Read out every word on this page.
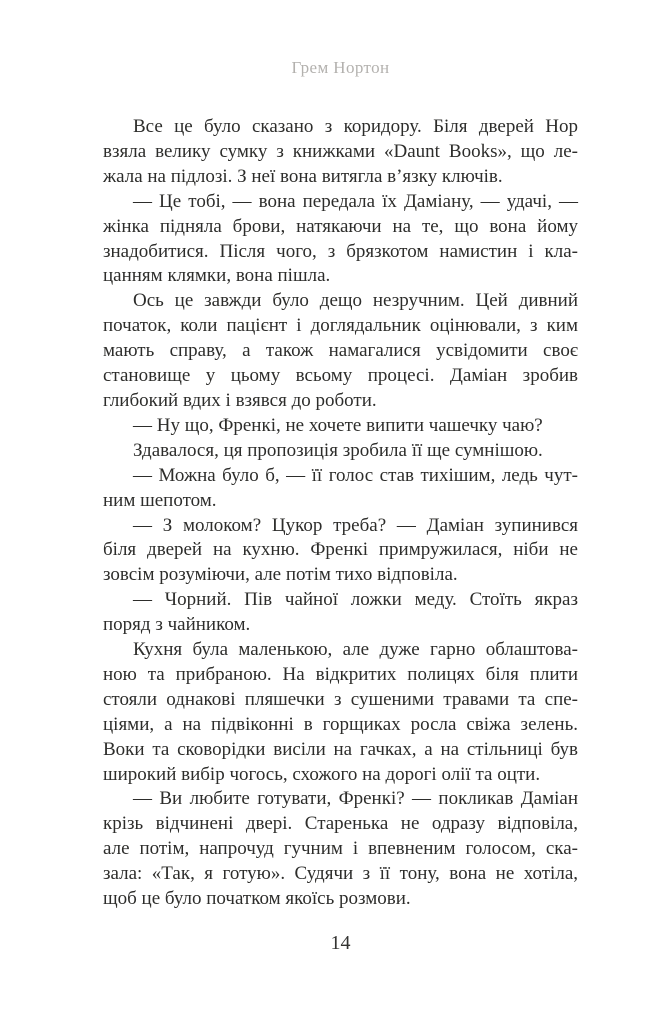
Грем Нортон
Все це було сказано з коридору. Біля дверей Нор
взяла велику сумку з книжками «Daunt Books», що ле-
жала на підлозі. З неї вона витягла в’язку ключів.
— Це тобі, — вона передала їх Даміану, — удачі, —
жінка підняла брови, натякаючи на те, що вона йому
знадобитися. Після чого, з брязкотом намистин і кла-
цанням клямки, вона пішла.
Ось це завжди було дещо незручним. Цей дивний
початок, коли пацієнт і доглядальник оцінювали, з ким
мають справу, а також намагалися усвідомити своє
становище у цьому всьому процесі. Даміан зробив
глибокий вдих і взявся до роботи.
— Ну що, Френкі, не хочете випити чашечку чаю?
Здавалося, ця пропозиція зробила її ще сумнішою.
— Можна було б, — її голос став тихішим, ледь чут-
ним шепотом.
— З молоком? Цукор треба? — Даміан зупинився
біля дверей на кухню. Френкі примружилася, ніби не
зовсім розуміючи, але потім тихо відповіла.
— Чорний. Пів чайної ложки меду. Стоїть якраз
поряд з чайником.
Кухня була маленькою, але дуже гарно облаштова-
ною та прибраною. На відкритих полицях біля плити
стояли однакові пляшечки з сушеними травами та спе-
ціями, а на підвіконні в горщиках росла свіжа зелень.
Воки та сковорідки висіли на гачках, а на стільниці був
широкий вибір чогось, схожого на дорогі олії та оцти.
— Ви любите готувати, Френкі? — покликав Даміан
крізь відчинені двері. Старенька не одразу відповіла,
але потім, напрочуд гучним і впевненим голосом, ска-
зала: «Так, я готую». Судячи з її тону, вона не хотіла,
щоб це було початком якоїсь розмови.
14
